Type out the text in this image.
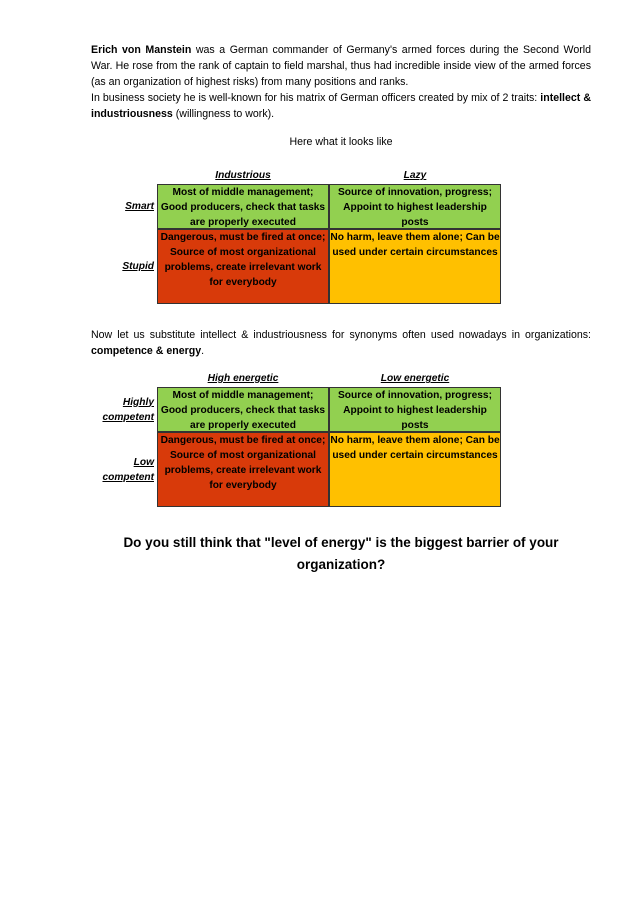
Erich von Manstein was a German commander of Germany's armed forces during the Second World War. He rose from the rank of captain to field marshal, thus had incredible inside view of the armed forces (as an organization of highest risks) from many positions and ranks.

In business society he is well-known for his matrix of German officers created by mix of 2 traits: intellect & industriousness (willingness to work).

Here what it looks like

Industrious	Lazy
Smart
Most of middle management; Good producers, check that tasks are properly executed
Source of innovation, progress; Appoint to highest leadership posts
Stupid
Dangerous, must be fired at once; Source of most organizational problems, create irrelevant work for everybody
No harm, leave them alone; Can be used under certain circumstances

Now let us substitute intellect & industriousness for synonyms often used nowadays in organizations: competence & energy.

High energetic	Low energetic
Highly competent
Most of middle management; Good producers, check that tasks are properly executed
Source of innovation, progress; Appoint to highest leadership posts
Low competent
Dangerous, must be fired at once; Source of most organizational problems, create irrelevant work for everybody
No harm, leave them alone; Can be used under certain circumstances
Do you still think that "level of energy" is the biggest barrier of your organization?
